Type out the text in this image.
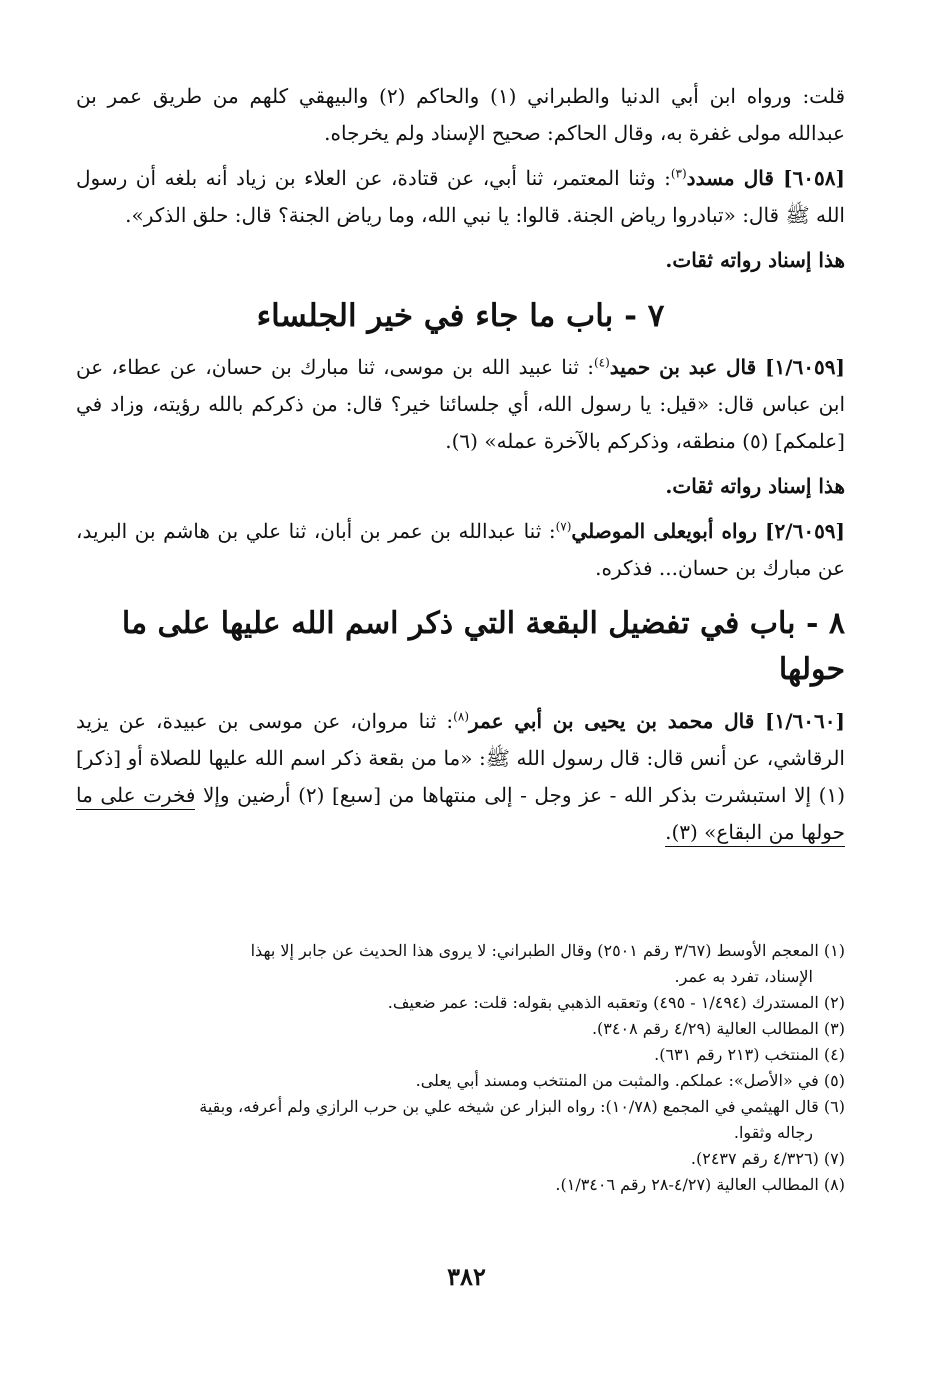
قلت: ورواه ابن أبي الدنيا والطبراني (١) والحاكم (٢) والبيهقي كلهم من طريق عمر بن عبدالله مولى غفرة به، وقال الحاكم: صحيح الإسناد ولم يخرجاه.

[٦٠٥٨] قال مسدد$^{(٣)}$: وثنا المعتمر، ثنا أبي، عن قتادة، عن العلاء بن زياد أنه بلغه أن رسول الله ﷺ قال: «تبادروا رياض الجنة. قالوا: يا نبي الله، وما رياض الجنة؟ قال: حلق الذكر».

هذا إسناد رواته ثقات.

٧ - باب ما جاء في خير الجلساء

[١/٦٠٥٩] قال عبد بن حميد$^{(٤)}$: ثنا عبيد الله بن موسى، ثنا مبارك بن حسان، عن عطاء، عن ابن عباس قال: «قيل: يا رسول الله، أي جلسائنا خير؟ قال: من ذكركم بالله رؤيته، وزاد في [علمكم] (٥) منطقه، وذكركم بالآخرة عمله» (٦).

هذا إسناد رواته ثقات.

[٢/٦٠٥٩] رواه أبويعلى الموصلي$^{(٧)}$: ثنا عبدالله بن عمر بن أبان، ثنا علي بن هاشم بن البريد، عن مبارك بن حسان... فذكره.

٨ - باب في تفضيل البقعة التي ذكر اسم الله عليها على ما حولها

[١/٦٠٦٠] قال محمد بن يحيى بن أبي عمر$^{(٨)}$: ثنا مروان، عن موسى بن عبيدة، عن يزيد الرقاشي، عن أنس قال: قال رسول الله ﷺ: «ما من بقعة ذكر اسم الله عليها للصلاة أو [ذكر] (١) إلا استبشرت بذكر الله - عز وجل - إلى منتهاها من [سبع] (٢) أرضين وإلا فخرت على ما حولها من البقاع» (٣).

(١) المعجم الأوسط (٣/٦٧ رقم ٢٥٠١) وقال الطبراني: لا يروى هذا الحديث عن جابر إلا بهذا
الإسناد، تفرد به عمر.

(٢) المستدرك (١/٤٩٤ - ٤٩٥) وتعقبه الذهبي بقوله: قلت: عمر ضعيف.

(٣) المطالب العالية (٤/٢٩ رقم ٣٤٠٨).

(٤) المنتخب (٢١٣ رقم ٦٣١).

(٥) في «الأصل»: عملكم. والمثبت من المنتخب ومسند أبي يعلى.

(٦) قال الهيثمي في المجمع (١٠/٧٨): رواه البزار عن شيخه علي بن حرب الرازي ولم أعرفه، وبقية
رجاله وثقوا.

(٧) (٤/٣٢٦ رقم ٢٤٣٧).

(٨) المطالب العالية (٤/٢٧-٢٨ رقم ١/٣٤٠٦).

٣٨٢
